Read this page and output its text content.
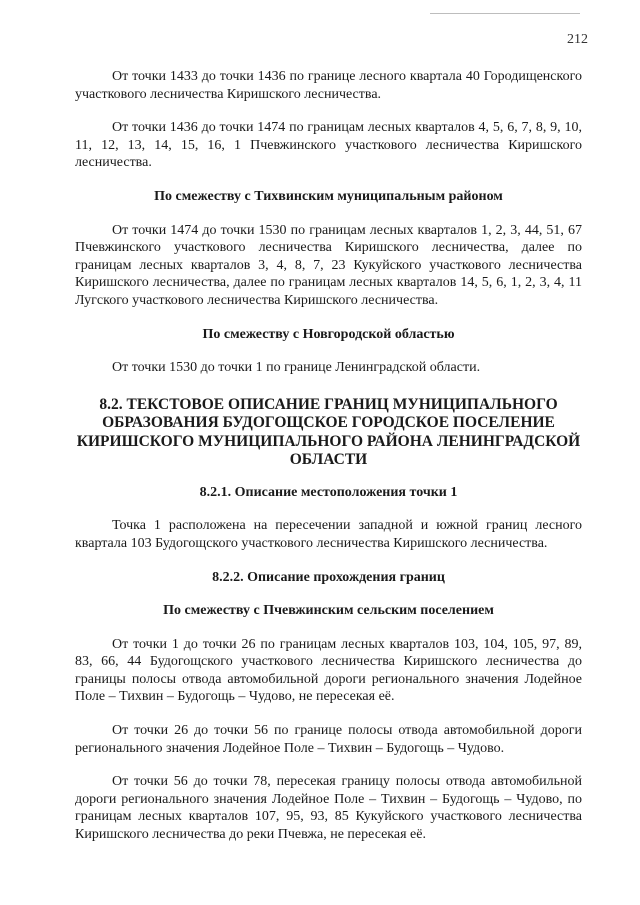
212

От точки 1433 до точки 1436 по границе лесного квартала 40 Городищенского участкового лесничества Киришского лесничества.

От точки 1436 до точки 1474 по границам лесных кварталов 4, 5, 6, 7, 8, 9, 10, 11, 12, 13, 14, 15, 16, 1 Пчевжинского участкового лесничества Киришского лесничества.

По смежеству с Тихвинским муниципальным районом

От точки 1474 до точки 1530 по границам лесных кварталов 1, 2, 3, 44, 51, 67 Пчевжинского участкового лесничества Киришского лесничества, далее по границам лесных кварталов 3, 4, 8, 7, 23 Кукуйского участкового лесничества Киришского лесничества, далее по границам лесных кварталов 14, 5, 6, 1, 2, 3, 4, 11 Лугского участкового лесничества Киришского лесничества.

По смежеству с Новгородской областью

От точки 1530 до точки 1 по границе Ленинградской области.

8.2. ТЕКСТОВОЕ ОПИСАНИЕ ГРАНИЦ МУНИЦИПАЛЬНОГО ОБРАЗОВАНИЯ БУДОГОЩСКОЕ ГОРОДСКОЕ ПОСЕЛЕНИЕ КИРИШСКОГО МУНИЦИПАЛЬНОГО РАЙОНА ЛЕНИНГРАДСКОЙ ОБЛАСТИ

8.2.1. Описание местоположения точки 1

Точка 1 расположена на пересечении западной и южной границ лесного квартала 103 Будогощского участкового лесничества Киришского лесничества.

8.2.2. Описание прохождения границ

По смежеству с Пчевжинским сельским поселением

От точки 1 до точки 26 по границам лесных кварталов 103, 104, 105, 97, 89, 83, 66, 44 Будогощского участкового лесничества Киришского лесничества до границы полосы отвода автомобильной дороги регионального значения Лодейное Поле – Тихвин – Будогощь – Чудово, не пересекая её.

От точки 26 до точки 56 по границе полосы отвода автомобильной дороги регионального значения Лодейное Поле – Тихвин – Будогощь – Чудово.

От точки 56 до точки 78, пересекая границу полосы отвода автомобильной дороги регионального значения Лодейное Поле – Тихвин – Будогощь – Чудово, по границам лесных кварталов 107, 95, 93, 85 Кукуйского участкового лесничества Киришского лесничества до реки Пчевжа, не пересекая её.
